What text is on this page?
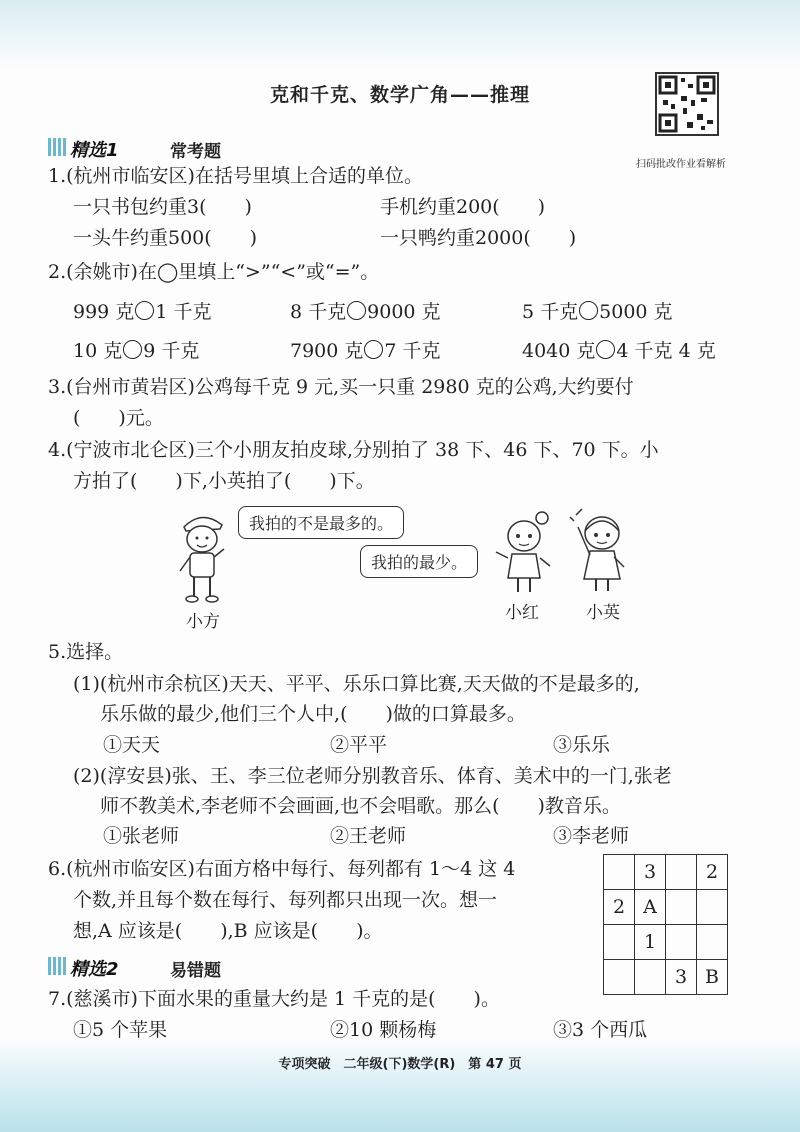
克和千克、数学广角——推理
扫码批改作业看解析
精选1	常考题
1.(杭州市临安区)在括号里填上合适的单位。
一只书包约重3(　　)	手机约重200(　　)
一头牛约重500(　　)	一只鸭约重2000(　　)
2.(余姚市)在◯里填上“>”“<”或“=”。
999 克 1 千克	8 千克 9000 克	5 千克 5000 克
10 克 9 千克	7900 克 7 千克	4040 克 4 千克 4 克
3.(台州市黄岩区)公鸡每千克 9 元,买一只重 2980 克的公鸡,大约要付
(　　)元。
4.(宁波市北仑区)三个小朋友拍皮球,分别拍了 38 下、46 下、70 下。小
方拍了(　　)下,小英拍了(　　)下。
我拍的不是最多的。
我拍的最少。
小方	小红	小英
5.选择。
(1)(杭州市余杭区)天天、平平、乐乐口算比赛,天天做的不是最多的,
乐乐做的最少,他们三个人中,(　　)做的口算最多。
①天天	②平平	③乐乐
(2)(淳安县)张、王、李三位老师分别教音乐、体育、美术中的一门,张老
师不教美术,李老师不会画画,也不会唱歌。那么(　　)教音乐。
①张老师	②王老师	③李老师
6.(杭州市临安区)右面方格中每行、每列都有 1～4 这 4
个数,并且每个数在每行、每列都只出现一次。想一
想,A 应该是(　　),B 应该是(　　)。
	3		2
2	A		
	1		
		3	B
精选2	易错题
7.(慈溪市)下面水果的重量大约是 1 千克的是(　　)。
①5 个苹果	②10 颗杨梅	③3 个西瓜
专项突破　二年级(下)数学(R)　第 47 页
